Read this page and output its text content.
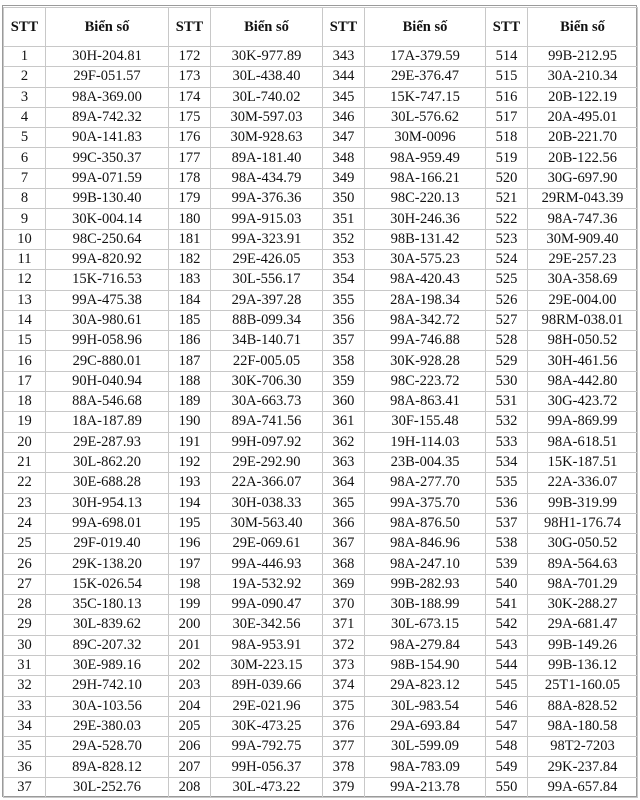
STT	Biển số	STT	Biển số	STT	Biển số	STT	Biển số
1	30H-204.81	172	30K-977.89	343	17A-379.59	514	99B-212.95
2	29F-051.57	173	30L-438.40	344	29E-376.47	515	30A-210.34
3	98A-369.00	174	30L-740.02	345	15K-747.15	516	20B-122.19
4	89A-742.32	175	30M-597.03	346	30L-576.62	517	20A-495.01
5	90A-141.83	176	30M-928.63	347	30M-0096	518	20B-221.70
6	99C-350.37	177	89A-181.40	348	98A-959.49	519	20B-122.56
7	99A-071.59	178	98A-434.79	349	98A-166.21	520	30G-697.90
8	99B-130.40	179	99A-376.36	350	98C-220.13	521	29RM-043.39
9	30K-004.14	180	99A-915.03	351	30H-246.36	522	98A-747.36
10	98C-250.64	181	99A-323.91	352	98B-131.42	523	30M-909.40
11	99A-820.92	182	29E-426.05	353	30A-575.23	524	29E-257.23
12	15K-716.53	183	30L-556.17	354	98A-420.43	525	30A-358.69
13	99A-475.38	184	29A-397.28	355	28A-198.34	526	29E-004.00
14	30A-980.61	185	88B-099.34	356	98A-342.72	527	98RM-038.01
15	99H-058.96	186	34B-140.71	357	99A-746.88	528	98H-050.52
16	29C-880.01	187	22F-005.05	358	30K-928.28	529	30H-461.56
17	90H-040.94	188	30K-706.30	359	98C-223.72	530	98A-442.80
18	88A-546.68	189	30A-663.73	360	98A-863.41	531	30G-423.72
19	18A-187.89	190	89A-741.56	361	30F-155.48	532	99A-869.99
20	29E-287.93	191	99H-097.92	362	19H-114.03	533	98A-618.51
21	30L-862.20	192	29E-292.90	363	23B-004.35	534	15K-187.51
22	30E-688.28	193	22A-366.07	364	98A-277.70	535	22A-336.07
23	30H-954.13	194	30H-038.33	365	99A-375.70	536	99B-319.99
24	99A-698.01	195	30M-563.40	366	98A-876.50	537	98H1-176.74
25	29F-019.40	196	29E-069.61	367	98A-846.96	538	30G-050.52
26	29K-138.20	197	99A-446.93	368	98A-247.10	539	89A-564.63
27	15K-026.54	198	19A-532.92	369	99B-282.93	540	98A-701.29
28	35C-180.13	199	99A-090.47	370	30B-188.99	541	30K-288.27
29	30L-839.62	200	30E-342.56	371	30L-673.15	542	29A-681.47
30	89C-207.32	201	98A-953.91	372	98A-279.84	543	99B-149.26
31	30E-989.16	202	30M-223.15	373	98B-154.90	544	99B-136.12
32	29H-742.10	203	89H-039.66	374	29A-823.12	545	25T1-160.05
33	30A-103.56	204	29E-021.96	375	30L-983.54	546	88A-828.52
34	29E-380.03	205	30K-473.25	376	29A-693.84	547	98A-180.58
35	29A-528.70	206	99A-792.75	377	30L-599.09	548	98T2-7203
36	89A-828.12	207	99H-056.37	378	98A-783.09	549	29K-237.84
37	30L-252.76	208	30L-473.22	379	99A-213.78	550	99A-657.84
